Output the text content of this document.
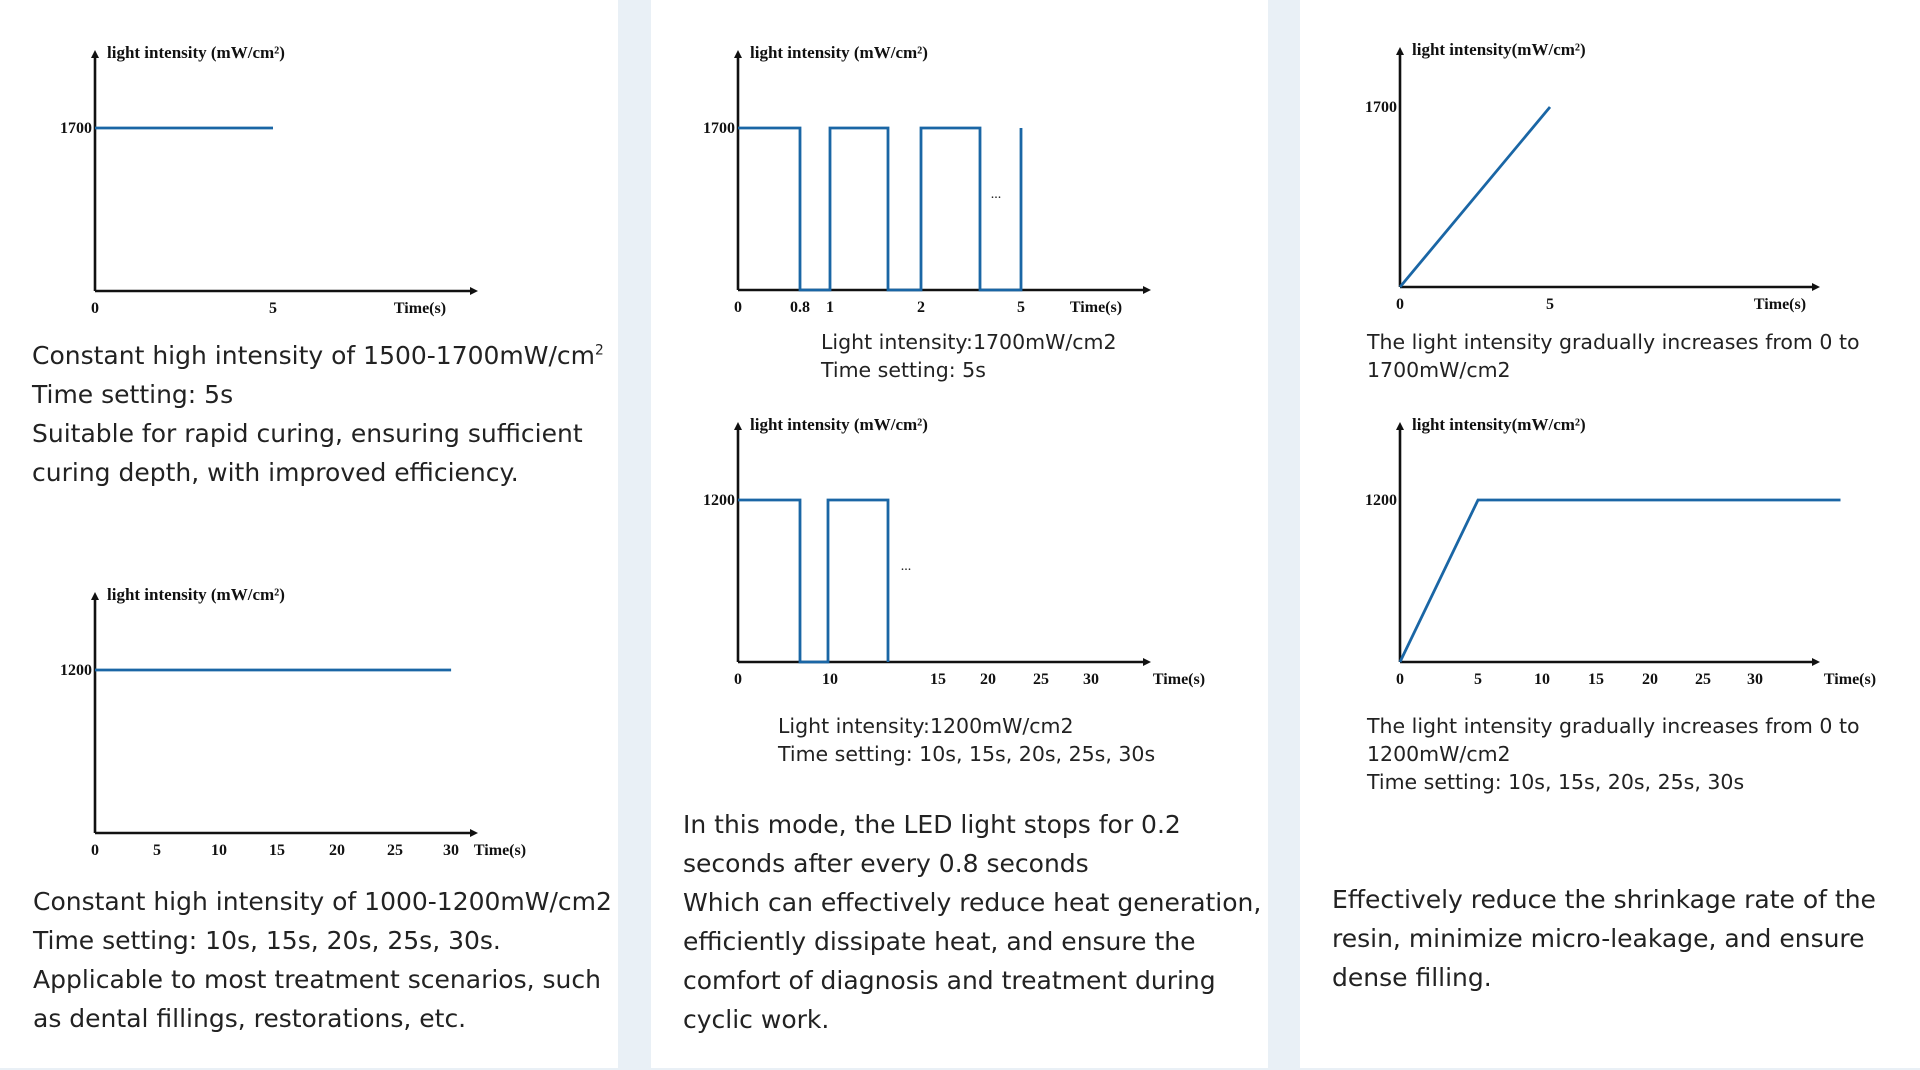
light intensity (mW/cm²)
1700
0	5	Time(s)
Constant high intensity of $1500-1700mW/cm^2$
Time setting: 5s
Suitable for rapid curing, ensuring sufficient
curing depth, with improved efficiency.
light intensity (mW/cm²)
1200
0	5	10	15	20	25	30 Time(s)
Constant high intensity of 1000-1200mW/cm2
Time setting: 10s, 15s, 20s, 25s, 30s.
Applicable to most treatment scenarios, such
as dental fillings, restorations, etc.
light intensity (mW/cm²)
1700
0	0.8 1	2	5	Time(s)
...
Light intensity:1700mW/cm2
Time setting: 5s
light intensity (mW/cm²)
1200
0	10	15 20 25 30	Time(s)
...
Light intensity:1200mW/cm2
Time setting: 10s, 15s, 20s, 25s, 30s
In this mode, the LED light stops for 0.2
seconds after every 0.8 seconds
Which can effectively reduce heat generation,
efficiently dissipate heat, and ensure the
comfort of diagnosis and treatment during
cyclic work.
light intensity(mW/cm²)
1700
0	5	Time(s)
The light intensity gradually increases from 0 to
1700mW/cm2
light intensity(mW/cm²)
1200
0	5	10 15 20 25 30	Time(s)
The light intensity gradually increases from 0 to
1200mW/cm2
Time setting: 10s, 15s, 20s, 25s, 30s
Effectively reduce the shrinkage rate of the
resin, minimize micro-leakage, and ensure
dense filling.
